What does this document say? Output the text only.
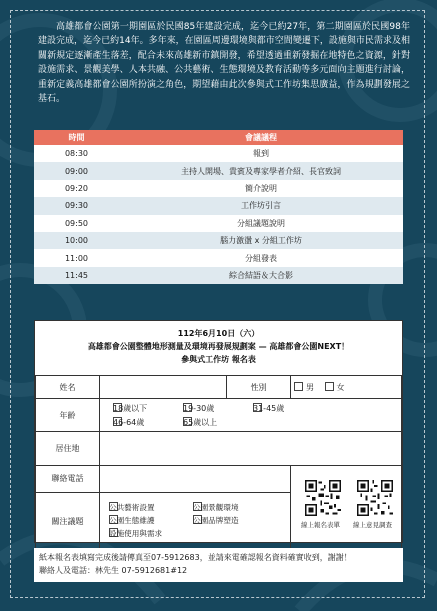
高雄都會公園第一期園區於民國85年建設完成，迄今已約27年，第二期園區於民國98年建設完成，迄今已約14年。多年來，在園區周邊環境與都市空間變遷下，設施與市民需求及相關新規定逐漸產生落差，配合未來高雄新市鎮開發，希望透過重新發掘在地特色之資源，針對設施需求、景觀美學、人本共融、公共藝術、生態環境及教育活動等多元面向主題進行討論，重新定義高雄都會公園所扮演之角色，期望藉由此次參與式工作坊集思廣益，作為規劃發展之基石。

時間	會議議程
08:30	報到
09:00	主持人開場、貴賓及專家學者介紹、長官致詞
09:20	簡介說明
09:30	工作坊引言
09:50	分組議題說明
10:00	腦力激盪 x 分組工作坊
11:00	分組發表
11:45	綜合結語＆大合影
112年6月10日（六）
高雄都會公園整體地形測量及環境再發展規劃案 — 高雄都會公園NEXT！
參與式工作坊 報名表
姓名		性別	男 女
年齡	18歲以下 19-30歲 31-45歲
46-64歲 65歲以上		

居住地			
聯絡電話			線上報名表單 線上意見調查

關注議題	公共藝術設置 公園景觀環境
公園生態維護 公園品牌塑造
設施使用與需求		
紙本報名表填寫完成後請傳真至07-5912683，並請來電確認報名資料確實收到，謝謝！
聯絡人及電話：林先生 07-5912681#12
